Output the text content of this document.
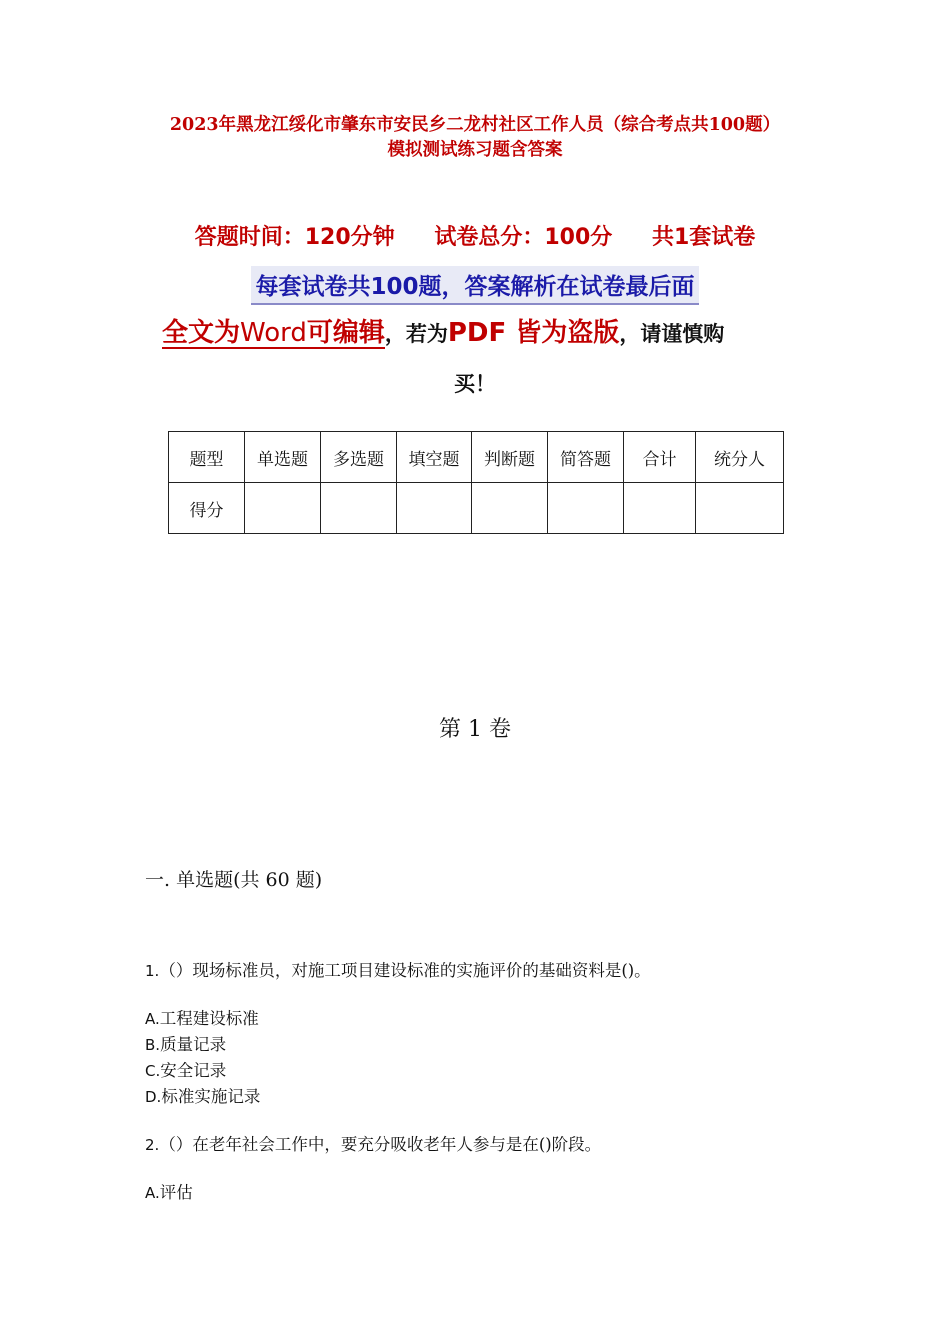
2023年黑龙江绥化市肇东市安民乡二龙村社区工作人员（综合考点共100题）
模拟测试练习题含答案
答题时间：120分钟 试卷总分：100分 共1套试卷
每套试卷共100题，答案解析在试卷最后面
全文为Word可编辑，若为PDF 皆为盗版，请谨慎购
买！
题型	单选题	多选题	填空题	判断题	简答题	合计	统分人
得分							
第 1 卷
一. 单选题(共 60 题)
1.（）现场标准员，对施工项目建设标准的实施评价的基础资料是()。
A.工程建设标准
B.质量记录
C.安全记录
D.标准实施记录
2.（）在老年社会工作中，要充分吸收老年人参与是在()阶段。
A.评估
